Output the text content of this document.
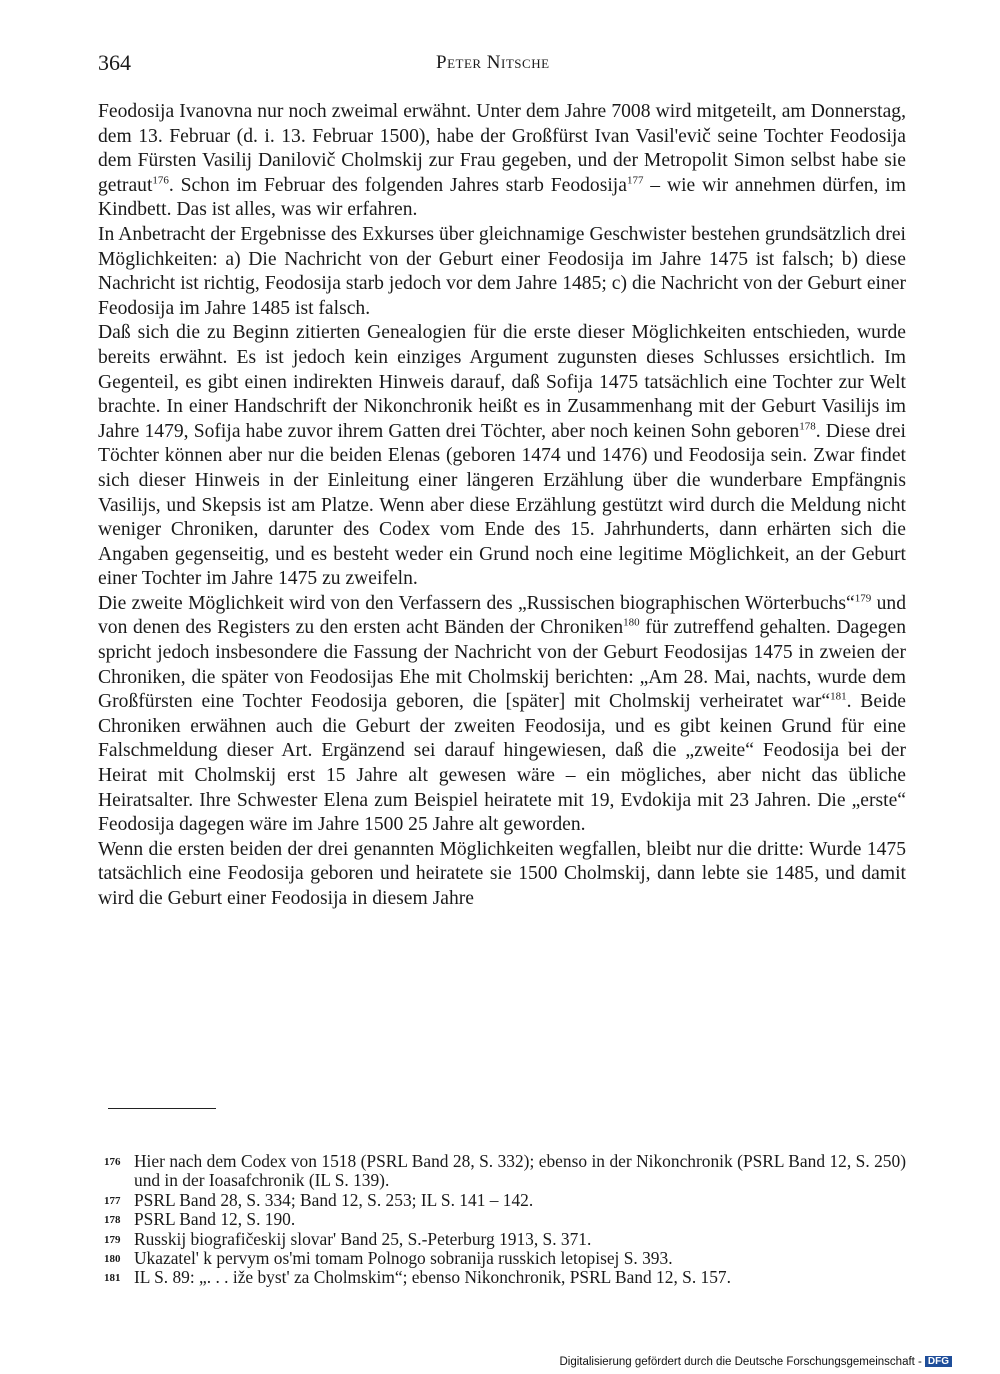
364	Peter Nitsche

Feodosija Ivanovna nur noch zweimal erwähnt. Unter dem Jahre 7008 wird mitgeteilt, am Donnerstag, dem 13. Februar (d. i. 13. Februar 1500), habe der Großfürst Ivan Vasil'evič seine Tochter Feodosija dem Fürsten Vasilij Danilovič Cholmskij zur Frau gegeben, und der Metropolit Simon selbst habe sie getraut$^{176}$. Schon im Februar des folgenden Jahres starb Feodosija$^{177}$ – wie wir annehmen dürfen, im Kindbett. Das ist alles, was wir erfahren.

In Anbetracht der Ergebnisse des Exkurses über gleichnamige Geschwister bestehen grundsätzlich drei Möglichkeiten: a) Die Nachricht von der Geburt einer Feodosija im Jahre 1475 ist falsch; b) diese Nachricht ist richtig, Feodosija starb jedoch vor dem Jahre 1485; c) die Nachricht von der Geburt einer Feodosija im Jahre 1485 ist falsch.

Daß sich die zu Beginn zitierten Genealogien für die erste dieser Möglichkeiten entschieden, wurde bereits erwähnt. Es ist jedoch kein einziges Argument zugunsten dieses Schlusses ersichtlich. Im Gegenteil, es gibt einen indirekten Hinweis darauf, daß Sofija 1475 tatsächlich eine Tochter zur Welt brachte. In einer Handschrift der Nikonchronik heißt es in Zusammenhang mit der Geburt Vasilijs im Jahre 1479, Sofija habe zuvor ihrem Gatten drei Töchter, aber noch keinen Sohn geboren$^{178}$. Diese drei Töchter können aber nur die beiden Elenas (geboren 1474 und 1476) und Feodosija sein. Zwar findet sich dieser Hinweis in der Einleitung einer längeren Erzählung über die wunderbare Empfängnis Vasilijs, und Skepsis ist am Platze. Wenn aber diese Erzählung gestützt wird durch die Meldung nicht weniger Chroniken, darunter des Codex vom Ende des 15. Jahrhunderts, dann erhärten sich die Angaben gegenseitig, und es besteht weder ein Grund noch eine legitime Möglichkeit, an der Geburt einer Tochter im Jahre 1475 zu zweifeln.

Die zweite Möglichkeit wird von den Verfassern des „Russischen biographischen Wörterbuchs“$^{179}$ und von denen des Registers zu den ersten acht Bänden der Chroniken$^{180}$ für zutreffend gehalten. Dagegen spricht jedoch insbesondere die Fassung der Nachricht von der Geburt Feodosijas 1475 in zweien der Chroniken, die später von Feodosijas Ehe mit Cholmskij berichten: „Am 28. Mai, nachts, wurde dem Großfürsten eine Tochter Feodosija geboren, die [später] mit Cholmskij verheiratet war“$^{181}$. Beide Chroniken erwähnen auch die Geburt der zweiten Feodosija, und es gibt keinen Grund für eine Falschmeldung dieser Art. Ergänzend sei darauf hingewiesen, daß die „zweite“ Feodosija bei der Heirat mit Cholmskij erst 15 Jahre alt gewesen wäre – ein mögliches, aber nicht das übliche Heiratsalter. Ihre Schwester Elena zum Beispiel heiratete mit 19, Evdokija mit 23 Jahren. Die „erste“ Feodosija dagegen wäre im Jahre 1500 25 Jahre alt geworden.

Wenn die ersten beiden der drei genannten Möglichkeiten wegfallen, bleibt nur die dritte: Wurde 1475 tatsächlich eine Feodosija geboren und heiratete sie 1500 Cholmskij, dann lebte sie 1485, und damit wird die Geburt einer Feodosija in diesem Jahre

176 Hier nach dem Codex von 1518 (PSRL Band 28, S. 332); ebenso in der Nikonchronik (PSRL Band 12, S. 250) und in der Ioasafchronik (IL S. 139).
177 PSRL Band 28, S. 334; Band 12, S. 253; IL S. 141 – 142.
178 PSRL Band 12, S. 190.
179 Russkij biografičeskij slovar' Band 25, S.-Peterburg 1913, S. 371.
180 Ukazatel' k pervym os'mi tomam Polnogo sobranija russkich letopisej S. 393.
181 IL S. 89: „. . . iže byst' za Cholmskim“; ebenso Nikonchronik, PSRL Band 12, S. 157.
Digitalisierung gefördert durch die Deutsche Forschungsgemeinschaft - DFG
